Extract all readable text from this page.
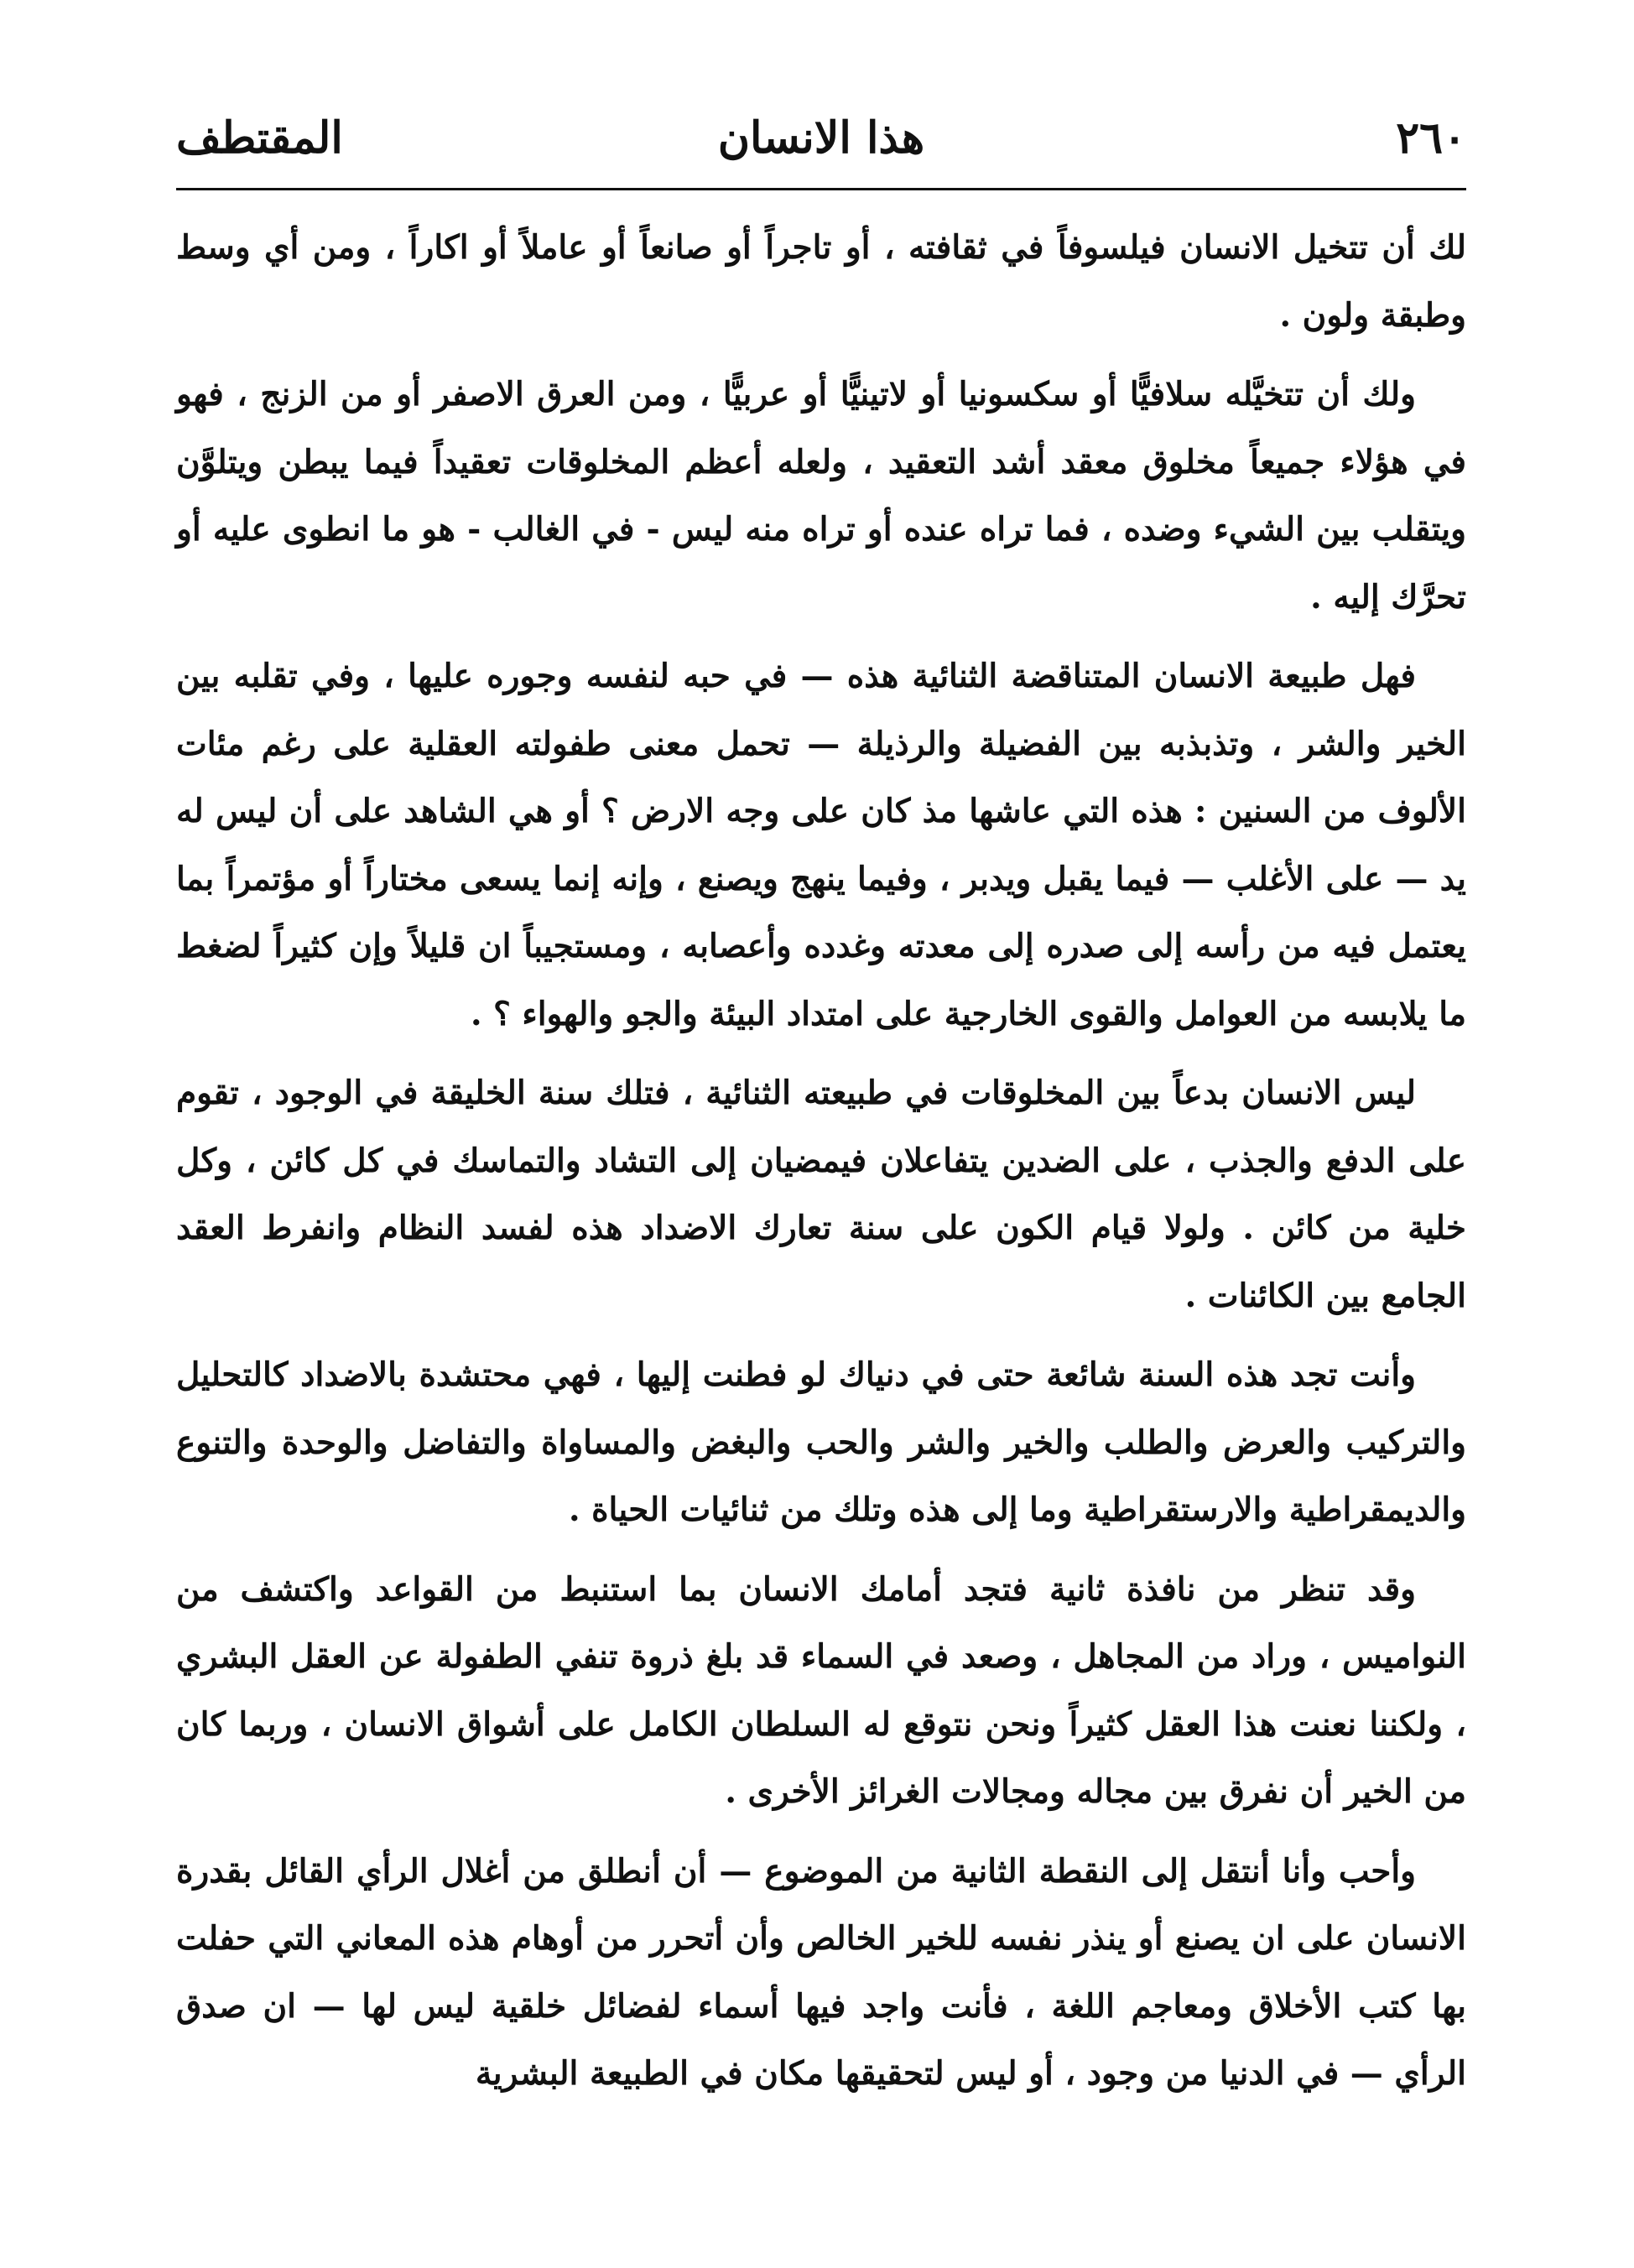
٢٦٠
هذا الانسان
المقتطف

لك أن تتخيل الانسان فيلسوفاً في ثقافته ، أو تاجراً أو صانعاً أو عاملاً أو اكاراً ، ومن أي وسط وطبقة ولون .

ولك أن تتخيَّله سلافيًّا أو سكسونيا أو لاتينيًّا أو عربيًّا ، ومن العرق الاصفر أو من الزنج ، فهو في هؤلاء جميعاً مخلوق معقد أشد التعقيد ، ولعله أعظم المخلوقات تعقيداً فيما يبطن ويتلوَّن ويتقلب بين الشيء وضده ، فما تراه عنده أو تراه منه ليس - في الغالب - هو ما انطوى عليه أو تحرَّك إليه .

فهل طبيعة الانسان المتناقضة الثنائية هذه — في حبه لنفسه وجوره عليها ، وفي تقلبه بين الخير والشر ، وتذبذبه بين الفضيلة والرذيلة — تحمل معنى طفولته العقلية على رغم مئات الألوف من السنين : هذه التي عاشها مذ كان على وجه الارض ؟ أو هي الشاهد على أن ليس له يد — على الأغلب — فيما يقبل ويدبر ، وفيما ينهج ويصنع ، وإنه إنما يسعى مختاراً أو مؤتمراً بما يعتمل فيه من رأسه إلى صدره إلى معدته وغدده وأعصابه ، ومستجيباً ان قليلاً وإن كثيراً لضغط ما يلابسه من العوامل والقوى الخارجية على امتداد البيئة والجو والهواء ؟ .

ليس الانسان بدعاً بين المخلوقات في طبيعته الثنائية ، فتلك سنة الخليقة في الوجود ، تقوم على الدفع والجذب ، على الضدين يتفاعلان فيمضيان إلى التشاد والتماسك في كل كائن ، وكل خلية من كائن . ولولا قيام الكون على سنة تعارك الاضداد هذه لفسد النظام وانفرط العقد الجامع بين الكائنات .

وأنت تجد هذه السنة شائعة حتى في دنياك لو فطنت إليها ، فهي محتشدة بالاضداد كالتحليل والتركيب والعرض والطلب والخير والشر والحب والبغض والمساواة والتفاضل والوحدة والتنوع والديمقراطية والارستقراطية وما إلى هذه وتلك من ثنائيات الحياة .

وقد تنظر من نافذة ثانية فتجد أمامك الانسان بما استنبط من القواعد واكتشف من النواميس ، وراد من المجاهل ، وصعد في السماء قد بلغ ذروة تنفي الطفولة عن العقل البشري ، ولكننا نعنت هذا العقل كثيراً ونحن نتوقع له السلطان الكامل على أشواق الانسان ، وربما كان من الخير أن نفرق بين مجاله ومجالات الغرائز الأخرى .

وأحب وأنا أنتقل إلى النقطة الثانية من الموضوع — أن أنطلق من أغلال الرأي القائل بقدرة الانسان على ان يصنع أو ينذر نفسه للخير الخالص وأن أتحرر من أوهام هذه المعاني التي حفلت بها كتب الأخلاق ومعاجم اللغة ، فأنت واجد فيها أسماء لفضائل خلقية ليس لها — ان صدق الرأي — في الدنيا من وجود ، أو ليس لتحقيقها مكان في الطبيعة البشرية
